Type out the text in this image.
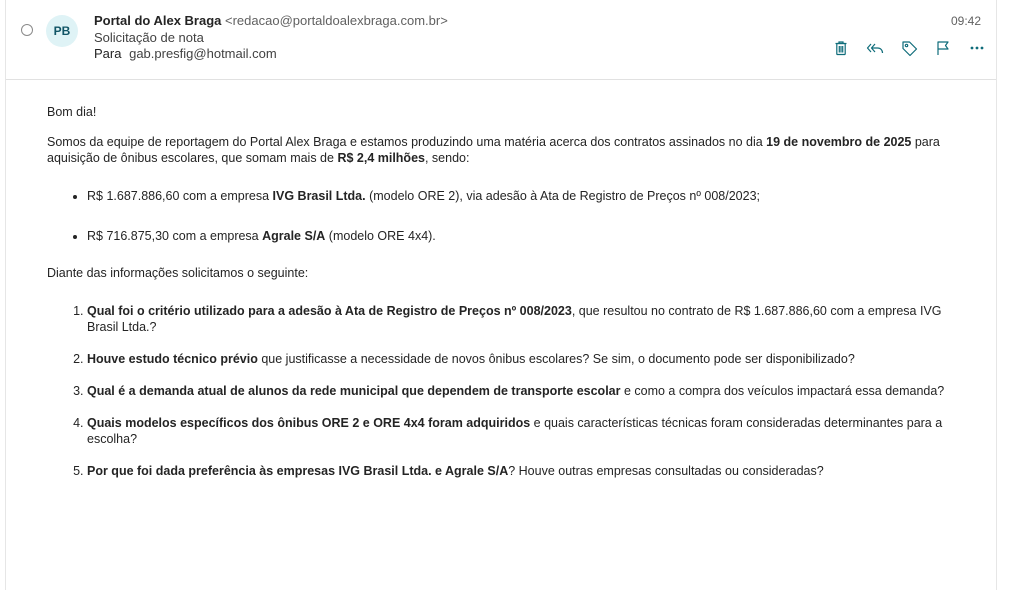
PB
Portal do Alex Braga <redacao@portaldoalexbraga.com.br>
Solicitação de nota
Para gab.presfig@hotmail.com
09:42

Bom dia!

Somos da equipe de reportagem do Portal Alex Braga e estamos produzindo uma matéria acerca dos contratos assinados no dia 19 de novembro de 2025 para aquisição de ônibus escolares, que somam mais de R$ 2,4 milhões, sendo:

• R$ 1.687.886,60 com a empresa IVG Brasil Ltda. (modelo ORE 2), via adesão à Ata de Registro de Preços nº 008/2023;
• R$ 716.875,30 com a empresa Agrale S/A (modelo ORE 4x4).

Diante das informações solicitamos o seguinte:

1. Qual foi o critério utilizado para a adesão à Ata de Registro de Preços nº 008/2023, que resultou no contrato de R$ 1.687.886,60 com a empresa IVG Brasil Ltda.?
2. Houve estudo técnico prévio que justificasse a necessidade de novos ônibus escolares? Se sim, o documento pode ser disponibilizado?
3. Qual é a demanda atual de alunos da rede municipal que dependem de transporte escolar e como a compra dos veículos impactará essa demanda?
4. Quais modelos específicos dos ônibus ORE 2 e ORE 4x4 foram adquiridos e quais características técnicas foram consideradas determinantes para a escolha?
5. Por que foi dada preferência às empresas IVG Brasil Ltda. e Agrale S/A? Houve outras empresas consultadas ou consideradas?
